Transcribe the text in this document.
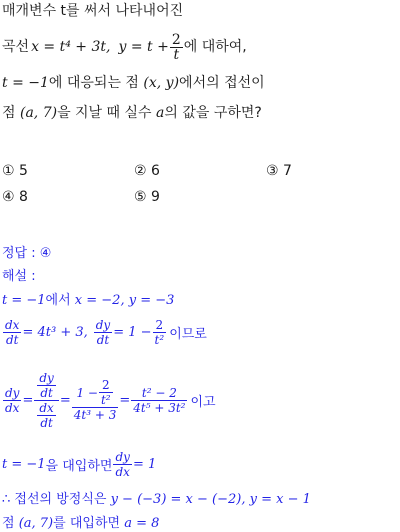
매개변수 t를 써서 나타내어진
곡선 x = t⁴ + 3t, $y = t + \frac{2}{t}$ 에 대하여,
t = −1에 대응되는 점 (x, y)에서의 접선이
점 (a, 7)을 지날 때 실수 a의 값을 구하면?
① 5	② 6	③ 7
④ 8	⑤ 9
정답 : ④
해설 :
t = −1에서 x = −2, y = −3
$\frac{dx}{dt} = 4t^3 + 3$, $\frac{dy}{dt} = 1 - \frac{2}{\text{t²}}$ 이므로
$\frac{dy}{dx} = \frac{\frac{dy}{dt}}{\frac{dx}{dt}} = \frac{1 - \frac{2}{\text{t²}}}{\text{4t³ + 3}} = \frac{\text{t² − 2}}{\text{4t⁵ + 3t²}}$ 이고
t = −1 을 대입하면 $\frac{dy}{dx} = 1$
∴ 접선의 방정식은 y − (−3) = x − (−2), y = x − 1
점 (a, 7)를 대입하면 a = 8
